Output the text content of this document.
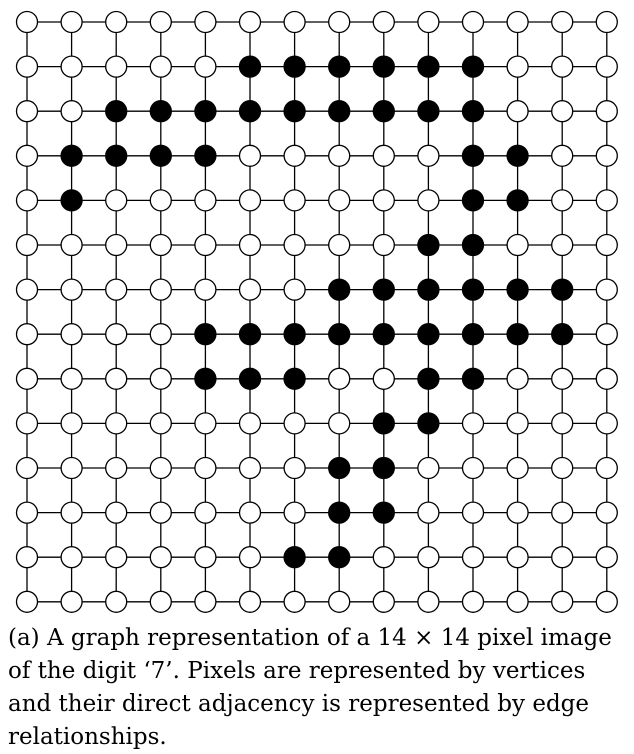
(a) A graph representation of a 14 × 14 pixel image of the digit ‘7’. Pixels are represented by vertices and their direct adjacency is represented by edge relationships.
